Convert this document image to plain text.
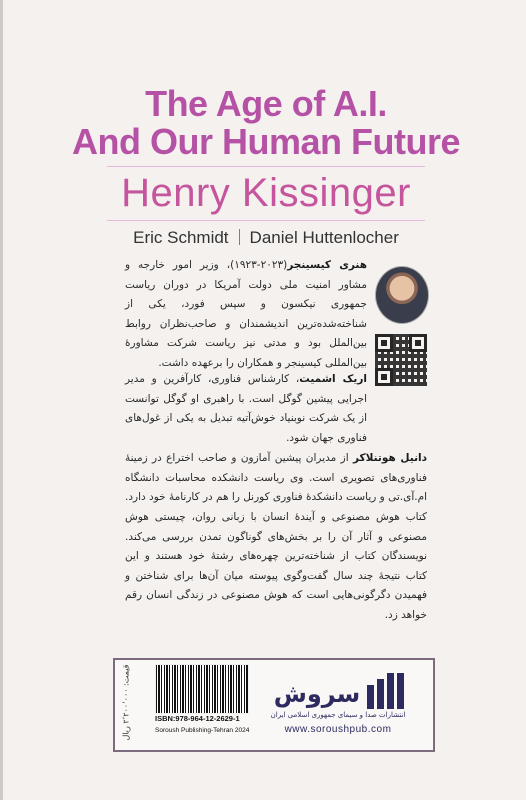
The Age of A.I.
And Our Human Future
Henry Kissinger
Eric Schmidt Daniel Huttenlocher
هنری کیسینجر(۲۰۲۳-۱۹۲۳)، وزیر امور خارجه و مشاور امنیت ملی دولت آمریکا در دوران ریاست جمهوری نیکسون و سپس فورد، یکی از شناخته‌شده‌ترین اندیشمندان و صاحب‌نظران روابط بین‌الملل بود و مدتی نیز ریاست شرکت مشاورهٔ بین‌المللی کیسینجر و همکاران را برعهده داشت.
اریک اشمیت، کارشناس فناوری، کارآفرین و مدیر اجرایی پیشین گوگل است. با راهبری او گوگل توانست از یک شرکت نوبنیاد خوش‌آتیه تبدیل به یکی از غول‌های فناوری جهان شود.
دانیل هوتنلاکر از مدیران پیشین آمازون و صاحب اختراع در زمینهٔ فناوری‌های تصویری است. وی ریاست دانشکده محاسبات دانشگاه ام.آی.تی و ریاست دانشکدهٔ فناوری کورنل را هم در کارنامهٔ خود دارد.
کتاب هوش مصنوعی و آیندهٔ انسان با زبانی روان، چیستی هوش مصنوعی و آثار آن را بر بخش‌های گوناگون تمدن بررسی می‌کند. نویسندگان کتاب از شناخته‌ترین چهره‌های رشتهٔ خود هستند و این کتاب نتیجهٔ چند سال گفت‌وگوی پیوسته میان آن‌ها برای شناختن و فهمیدن دگرگونی‌هایی است که هوش مصنوعی در زندگی انسان رقم خواهد زد.
قیمت: ۲٬۲۰۰٬۰۰۰ ریال
ISBN:978-964-12-2629-1
Soroush Publishing-Tehran 2024
سروش
انتشارات صدا و سیمای جمهوری اسلامی ایران
www.soroushpub.com
